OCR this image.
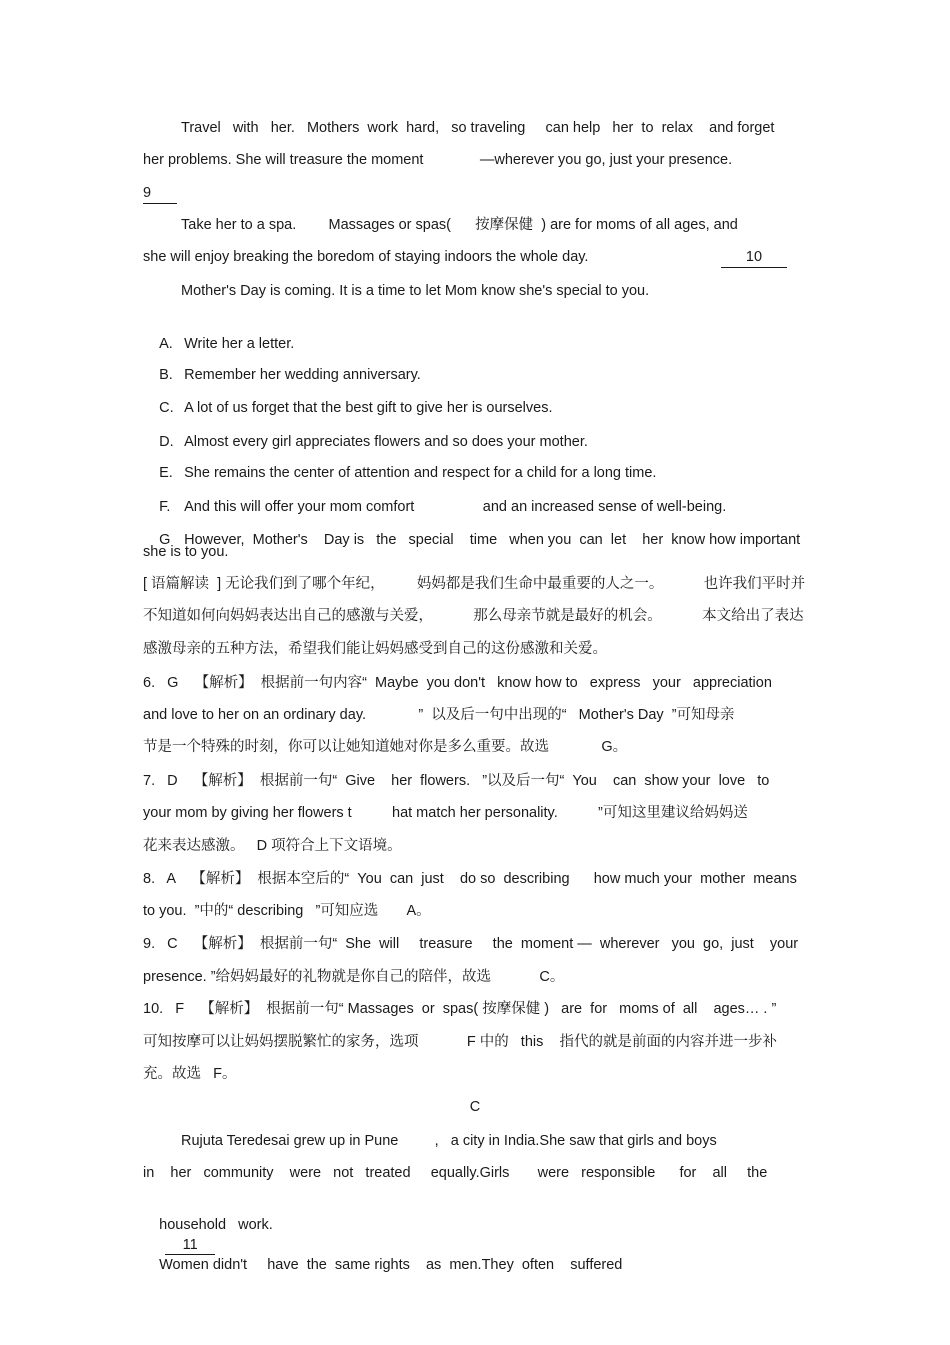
Travel   with   her.   Mothers  work  hard,   so traveling     can help   her  to  relax    and forget
her problems. She will treasure the moment              —wherever you go, just your presence.
9
Take her to a spa.        Massages or spas(      按摩保健  ) are for moms of all ages, and
she will enjoy breaking the boredom of staying indoors the whole day.	10
Mother's Day is coming. It is a time to let Mom know she's special to you.

A. Write her a letter.

B. Remember her wedding anniversary.

C. A lot of us forget that the best gift to give her is ourselves.

D. Almost every girl appreciates flowers and so does your mother.

E. She remains the center of attention and respect for a child for a long time.

F. And this will offer your mom comfort                 and an increased sense of well-being.

G However,  Mother's    Day is   the   special    time   when you  can  let    her  know how important

she is to you.
[ 语篇解读  ] 无论我们到了哪个年纪，        妈妈都是我们生命中最重要的人之一。          也许我们平时并
不知道如何向妈妈表达出自己的感激与关爱，          那么母亲节就是最好的机会。          本文给出了表达
感激母亲的五种方法，希望我们能让妈妈感受到自己的这份感激和关爱。
6.   G    【解析】  根据前一句内容“  Maybe  you don't   know how to   express   your   appreciation
and love to her on an ordinary day.             ”  以及后一句中出现的“   Mother's Day  ”可知母亲
节是一个特殊的时刻，你可以让她知道她对你是多么重要。故选             G。
7.   D    【解析】  根据前一句“  Give    her  flowers.   ”以及后一句“  You    can  show your  love   to
your mom by giving her flowers t          hat match her personality.          ”可知这里建议给妈妈送
花来表达感激。   D 项符合上下文语境。
8.   A    【解析】  根据本空后的“  You  can  just    do so  describing      how much your  mother  means
to you.  ”中的“ describing   ”可知应选       A。
9.   C    【解析】  根据前一句“  She  will     treasure     the  moment —  wherever   you  go,  just    your
presence. ”给妈妈最好的礼物就是你自己的陪伴，故选            C。
10.   F    【解析】  根据前一句“ Massages  or  spas( 按摩保健 )   are  for   moms of  all    ages… . ”
可知按摩可以让妈妈摆脱繁忙的家务，选项            F 中的   this    指代的就是前面的内容并进一步补
充。故选   F。
C
Rujuta Teredesai grew up in Pune         ,   a city in India.She saw that girls and boys
in    her   community    were   not   treated     equally.Girls       were   responsible      for    all     the

household   work.
11
Women didn't     have  the  same rights    as  men.They  often    suffered
